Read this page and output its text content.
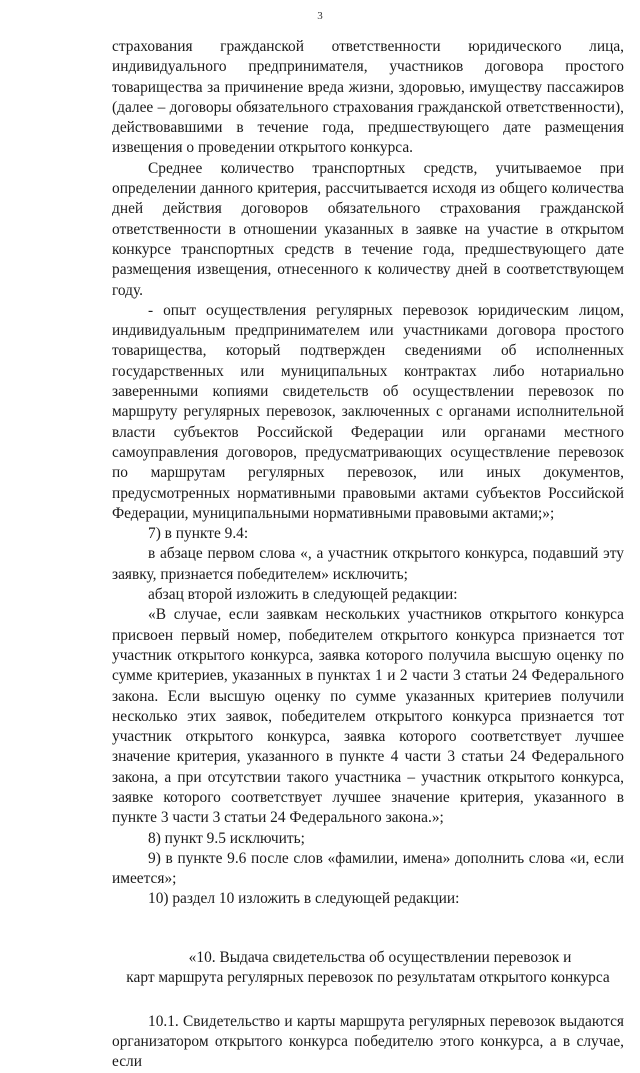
3

страхования гражданской ответственности юридического лица, индивидуального предпринимателя, участников договора простого товарищества за причинение вреда жизни, здоровью, имуществу пассажиров (далее – договоры обязательного страхования гражданской ответственности), действовавшими в течение года, предшествующего дате размещения извещения о проведении открытого конкурса.

Среднее количество транспортных средств, учитываемое при определении данного критерия, рассчитывается исходя из общего количества дней действия договоров обязательного страхования гражданской ответственности в отношении указанных в заявке на участие в открытом конкурсе транспортных средств в течение года, предшествующего дате размещения извещения, отнесенного к количеству дней в соответствующем году.

- опыт осуществления регулярных перевозок юридическим лицом, индивидуальным предпринимателем или участниками договора простого товарищества, который подтвержден сведениями об исполненных государственных или муниципальных контрактах либо нотариально заверенными копиями свидетельств об осуществлении перевозок по маршруту регулярных перевозок, заключенных с органами исполнительной власти субъектов Российской Федерации или органами местного самоуправления договоров, предусматривающих осуществление перевозок по маршрутам регулярных перевозок, или иных документов, предусмотренных нормативными правовыми актами субъектов Российской Федерации, муниципальными нормативными правовыми актами;»;

7) в пункте 9.4:

в абзаце первом слова «, а участник открытого конкурса, подавший эту заявку, признается победителем» исключить;

абзац второй изложить в следующей редакции:

«В случае, если заявкам нескольких участников открытого конкурса присвоен первый номер, победителем открытого конкурса признается тот участник открытого конкурса, заявка которого получила высшую оценку по сумме критериев, указанных в пунктах 1 и 2 части 3 статьи 24 Федерального закона. Если высшую оценку по сумме указанных критериев получили несколько этих заявок, победителем открытого конкурса признается тот участник открытого конкурса, заявка которого соответствует лучшее значение критерия, указанного в пункте 4 части 3 статьи 24 Федерального закона, а при отсутствии такого участника – участник открытого конкурса, заявке которого соответствует лучшее значение критерия, указанного в пункте 3 части 3 статьи 24 Федерального закона.»;

8) пункт 9.5 исключить;

9) в пункте 9.6 после слов «фамилии, имена» дополнить слова «и, если имеется»;

10) раздел 10 изложить в следующей редакции:

«10. Выдача свидетельства об осуществлении перевозок и
карт маршрута регулярных перевозок по результатам открытого конкурса

10.1. Свидетельство и карты маршрута регулярных перевозок выдаются организатором открытого конкурса победителю этого конкурса, а в случае, если
